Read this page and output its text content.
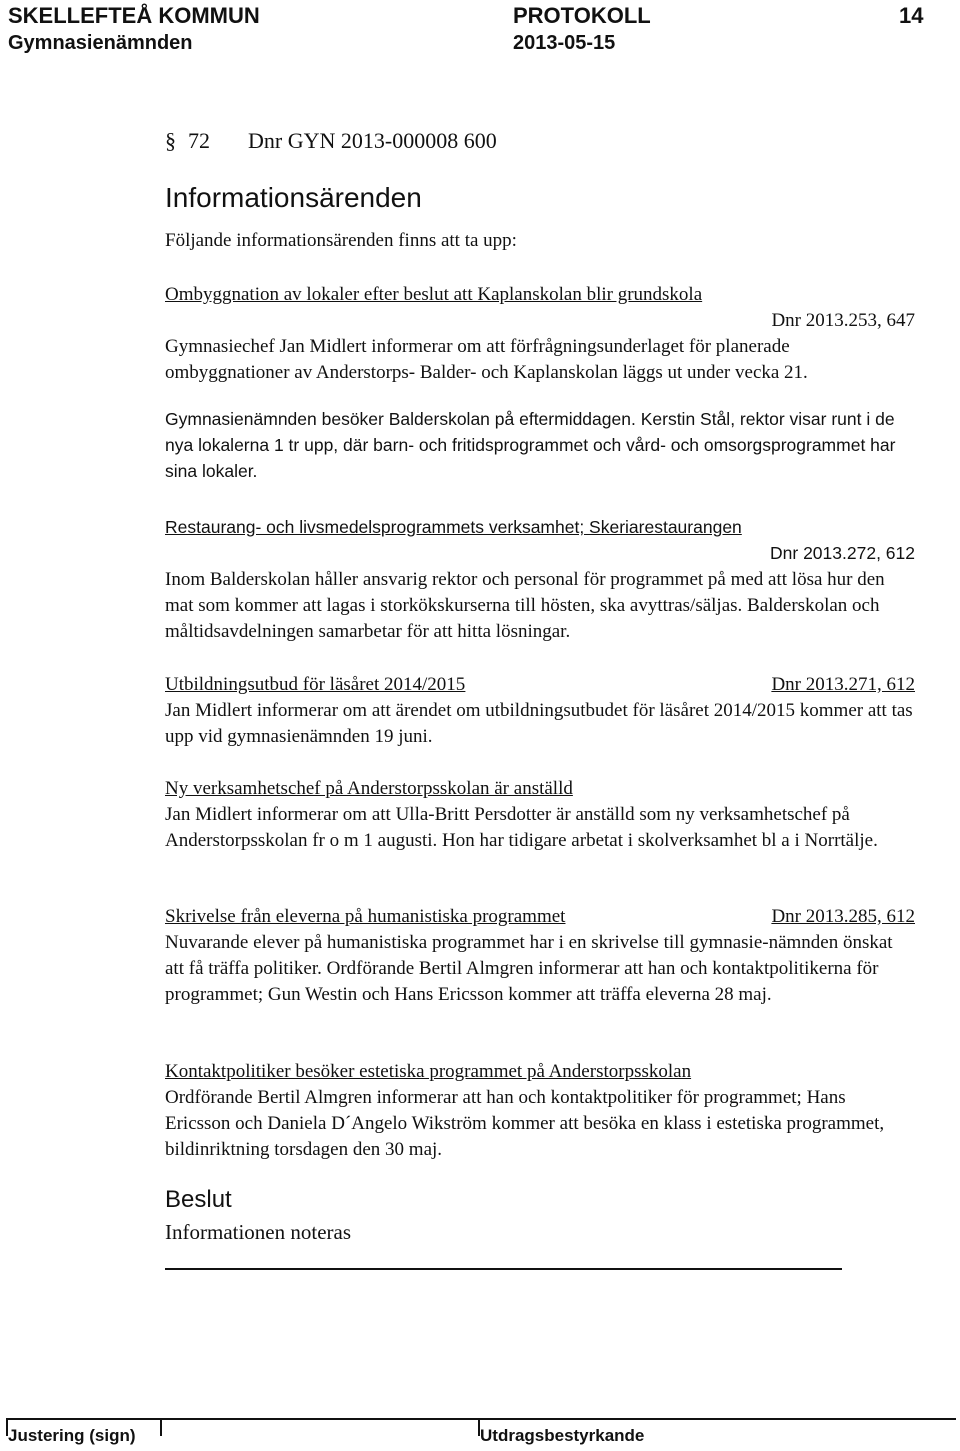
SKELLEFTEÅ KOMMUN
Gymnasienämnden
PROTOKOLL
2013-05-15
14
§ 72 Dnr GYN 2013-000008 600
Informationsärenden
Följande informationsärenden finns att ta upp:
Ombyggnation av lokaler efter beslut att Kaplanskolan blir grundskola
Dnr 2013.253, 647
Gymnasiechef Jan Midlert informerar om att förfrågningsunderlaget för planerade ombyggnationer av Anderstorps- Balder- och Kaplanskolan läggs ut under vecka 21.
Gymnasienämnden besöker Balderskolan på eftermiddagen. Kerstin Stål, rektor visar runt i de nya lokalerna 1 tr upp, där barn- och fritidsprogrammet och vård- och omsorgsprogrammet har sina lokaler.
Restaurang- och livsmedelsprogrammets verksamhet; Skeriarestaurangen
Dnr 2013.272, 612
Inom Balderskolan håller ansvarig rektor och personal för programmet på med att lösa hur den mat som kommer att lagas i storkökskurserna till hösten, ska avyttras/säljas. Balderskolan och måltidsavdelningen samarbetar för att hitta lösningar.
Utbildningsutbud för läsåret 2014/2015	Dnr 2013.271, 612
Jan Midlert informerar om att ärendet om utbildningsutbudet för läsåret 2014/2015 kommer att tas upp vid gymnasienämnden 19 juni.
Ny verksamhetschef på Anderstorpsskolan är anställd
Jan Midlert informerar om att Ulla-Britt Persdotter är anställd som ny verksamhetschef på Anderstorpsskolan fr o m 1 augusti. Hon har tidigare arbetat i skolverksamhet bl a i Norrtälje.
Skrivelse från eleverna på humanistiska programmet	Dnr 2013.285, 612
Nuvarande elever på humanistiska programmet har i en skrivelse till gymnasie-nämnden önskat att få träffa politiker. Ordförande Bertil Almgren informerar att han och kontaktpolitikerna för programmet; Gun Westin och Hans Ericsson kommer att träffa eleverna 28 maj.
Kontaktpolitiker besöker estetiska programmet på Anderstorpsskolan
Ordförande Bertil Almgren informerar att han och kontaktpolitiker för programmet; Hans Ericsson och Daniela D´Angelo Wikström kommer att besöka en klass i estetiska programmet, bildinriktning torsdagen den 30 maj.
Beslut
Informationen noteras
Justering (sign)	Utdragsbestyrkande
